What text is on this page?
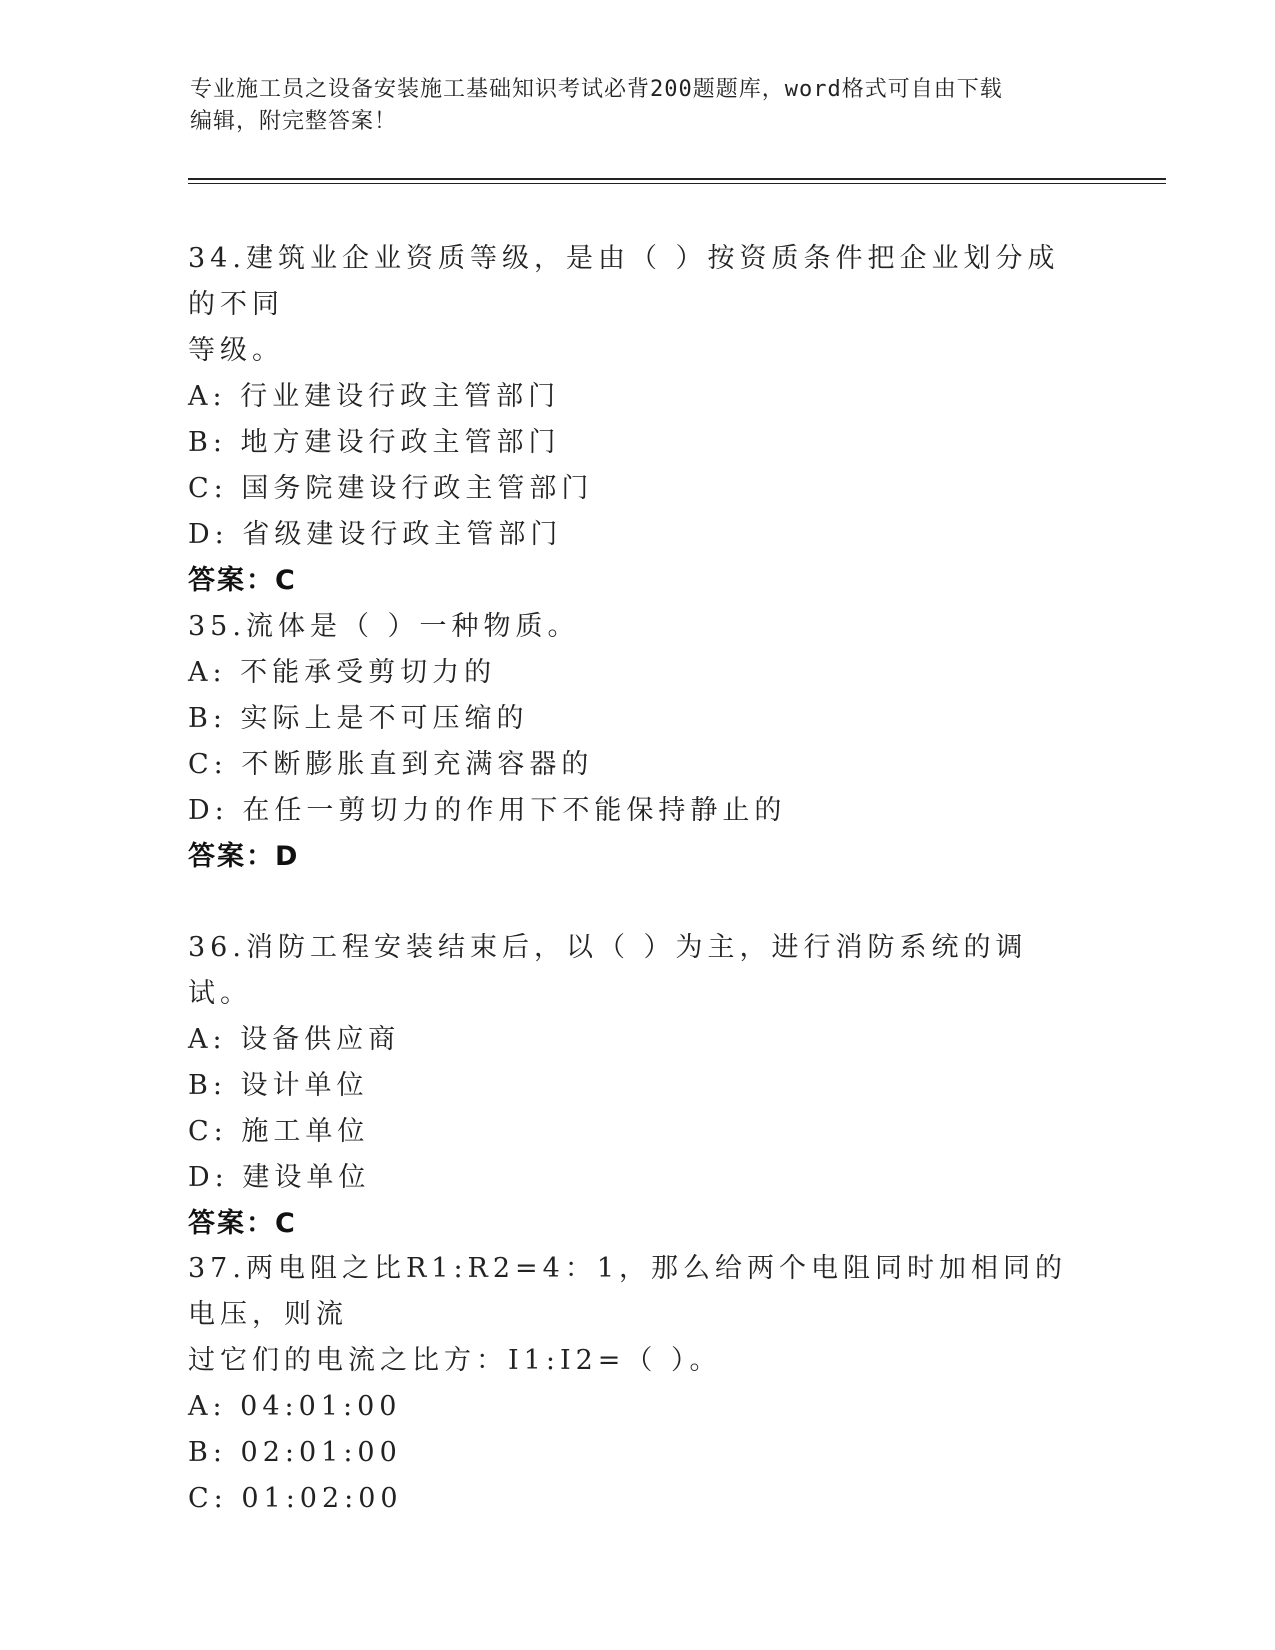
专业施工员之设备安装施工基础知识考试必背200题题库，word格式可自由下载
编辑，附完整答案！

34.建筑业企业资质等级，是由（ ）按资质条件把企业划分成的不同

等级。

A: 行业建设行政主管部门

B: 地方建设行政主管部门

C: 国务院建设行政主管部门

D: 省级建设行政主管部门

答案：C

35.流体是（ ）一种物质。

A: 不能承受剪切力的

B: 实际上是不可压缩的

C: 不断膨胀直到充满容器的

D: 在任一剪切力的作用下不能保持静止的

答案：D

36.消防工程安装结束后，以（ ）为主，进行消防系统的调试。

A: 设备供应商

B: 设计单位

C: 施工单位

D: 建设单位

答案：C

37.两电阻之比R1:R2=4：1，那么给两个电阻同时加相同的电压，则流

过它们的电流之比方：I1:I2=（ ）。

A: 04:01:00

B: 02:01:00

C: 01:02:00
